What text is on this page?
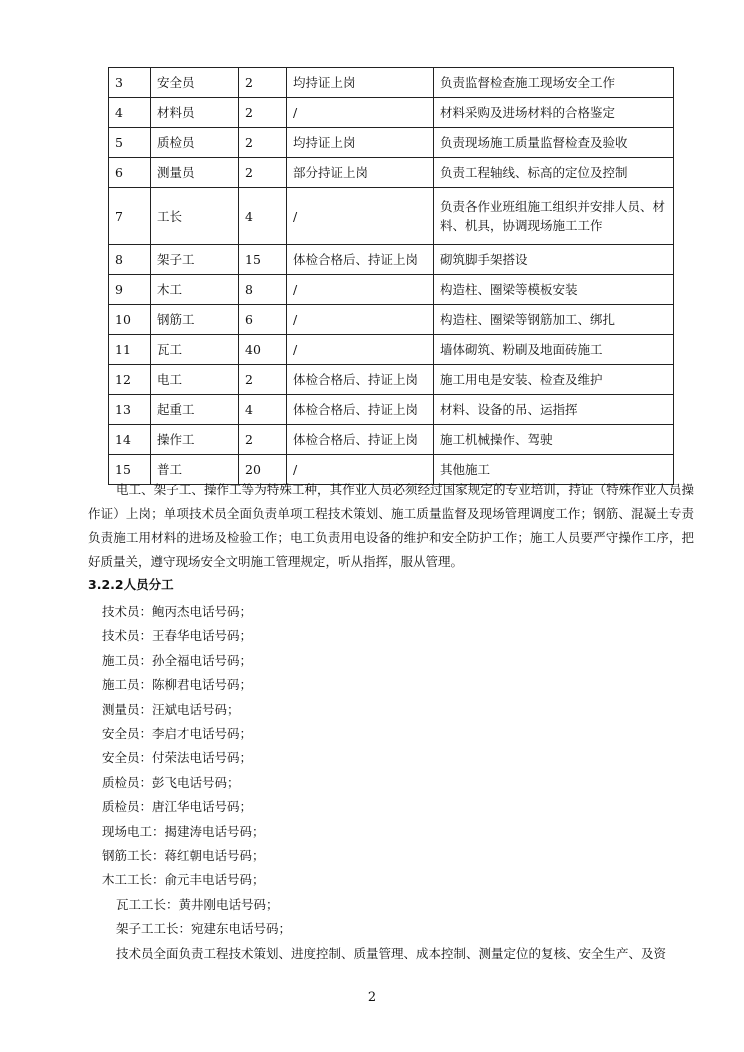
3	安全员	2	均持证上岗	负责监督检查施工现场安全工作
4	材料员	2	/	材料采购及进场材料的合格鉴定
5	质检员	2	均持证上岗	负责现场施工质量监督检查及验收
6	测量员	2	部分持证上岗	负责工程轴线、标高的定位及控制
7	工长	4	/	负责各作业班组施工组织并安排人员、材料、机具，协调现场施工工作
8	架子工	15	体检合格后、持证上岗	砌筑脚手架搭设
9	木工	8	/	构造柱、圈梁等模板安装
10	钢筋工	6	/	构造柱、圈梁等钢筋加工、绑扎
11	瓦工	40	/	墙体砌筑、粉刷及地面砖施工
12	电工	2	体检合格后、持证上岗	施工用电是安装、检查及维护
13	起重工	4	体检合格后、持证上岗	材料、设备的吊、运指挥
14	操作工	2	体检合格后、持证上岗	施工机械操作、驾驶
15	普工	20	/	其他施工

电工、架子工、操作工等为特殊工种，其作业人员必须经过国家规定的专业培训，持证（特殊作业人员操作证）上岗；单项技术员全面负责单项工程技术策划、施工质量监督及现场管理调度工作；钢筋、混凝土专责负责施工用材料的进场及检验工作；电工负责用电设备的维护和安全防护工作；施工人员要严守操作工序，把好质量关，遵守现场安全文明施工管理规定，听从指挥，服从管理。

3.2.2人员分工

技术员：鲍丙杰电话号码；
技术员：王春华电话号码；
施工员：孙全福电话号码；
施工员：陈柳君电话号码；
测量员：汪斌电话号码；
安全员：李启才电话号码；
安全员：付荣法电话号码；
质检员：彭飞电话号码；
质检员：唐江华电话号码；
现场电工：揭建涛电话号码；
钢筋工长：蒋红朝电话号码；
木工工长：俞元丰电话号码；
瓦工工长：黄井刚电话号码；
架子工工长：宛建东电话号码；

技术员全面负责工程技术策划、进度控制、质量管理、成本控制、测量定位的复核、安全生产、及资

2
